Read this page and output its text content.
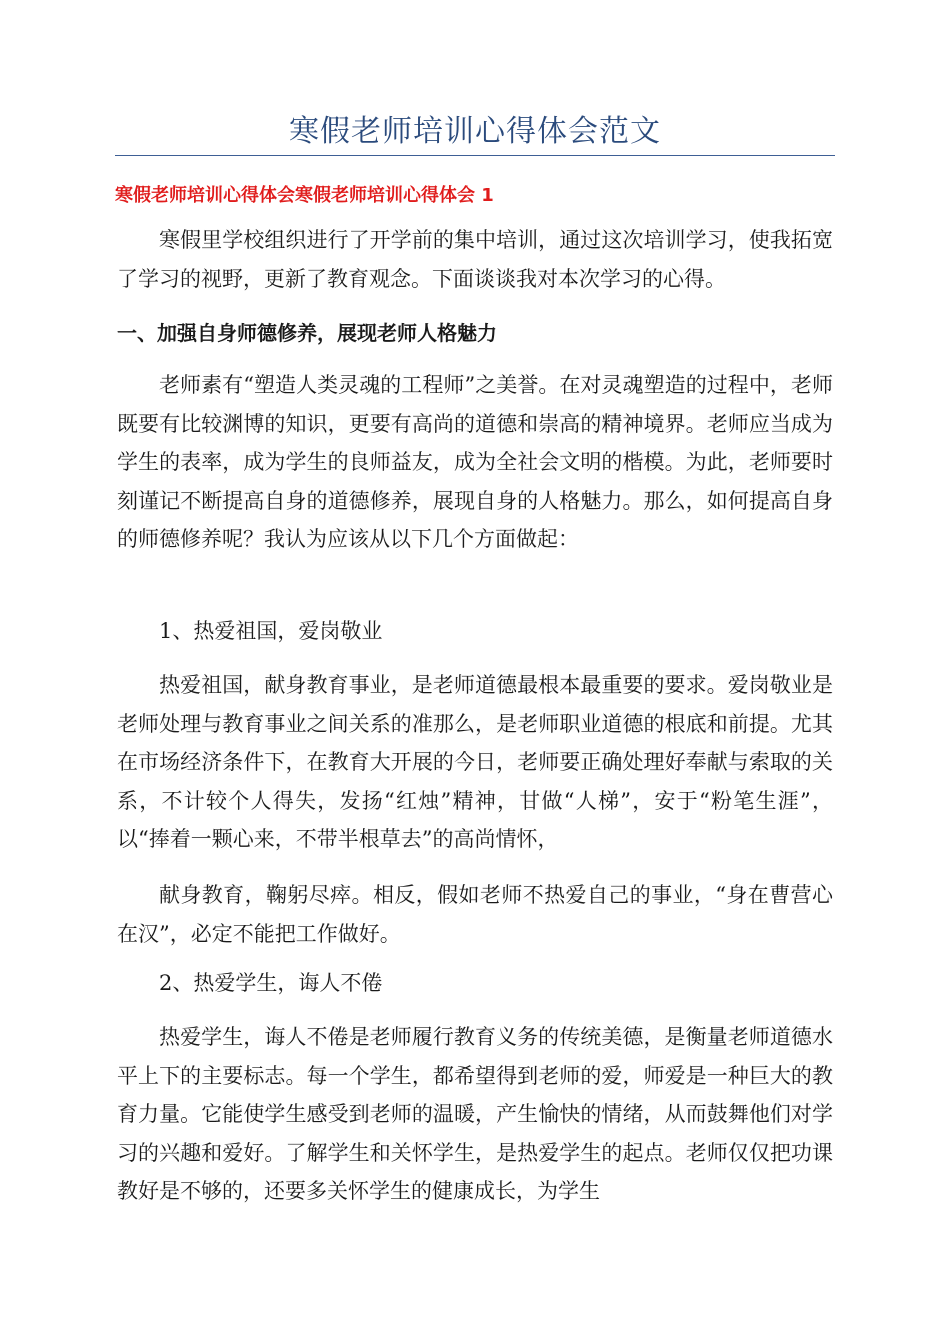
寒假老师培训心得体会范文
寒假老师培训心得体会寒假老师培训心得体会 1

寒假里学校组织进行了开学前的集中培训，通过这次培训学习，使我拓宽了学习的视野，更新了教育观念。下面谈谈我对本次学习的心得。

一、加强自身师德修养，展现老师人格魅力

老师素有“塑造人类灵魂的工程师”之美誉。在对灵魂塑造的过程中，老师既要有比较渊博的知识，更要有高尚的道德和崇高的精神境界。老师应当成为学生的表率，成为学生的良师益友，成为全社会文明的楷模。为此，老师要时刻谨记不断提高自身的道德修养，展现自身的人格魅力。那么，如何提高自身的师德修养呢？我认为应该从以下几个方面做起：

1、热爱祖国，爱岗敬业

热爱祖国，献身教育事业，是老师道德最根本最重要的要求。爱岗敬业是老师处理与教育事业之间关系的准那么，是老师职业道德的根底和前提。尤其在市场经济条件下，在教育大开展的今日，老师要正确处理好奉献与索取的关系，不计较个人得失，发扬“红烛”精神，甘做“人梯”，安于“粉笔生涯”，以“捧着一颗心来，不带半根草去”的高尚情怀，

献身教育，鞠躬尽瘁。相反，假如老师不热爱自己的事业，“身在曹营心在汉”，必定不能把工作做好。

2、热爱学生，诲人不倦

热爱学生，诲人不倦是老师履行教育义务的传统美德，是衡量老师道德水平上下的主要标志。每一个学生，都希望得到老师的爱，师爱是一种巨大的教育力量。它能使学生感受到老师的温暖，产生愉快的情绪，从而鼓舞他们对学习的兴趣和爱好。了解学生和关怀学生，是热爱学生的起点。老师仅仅把功课教好是不够的，还要多关怀学生的健康成长，为学生
